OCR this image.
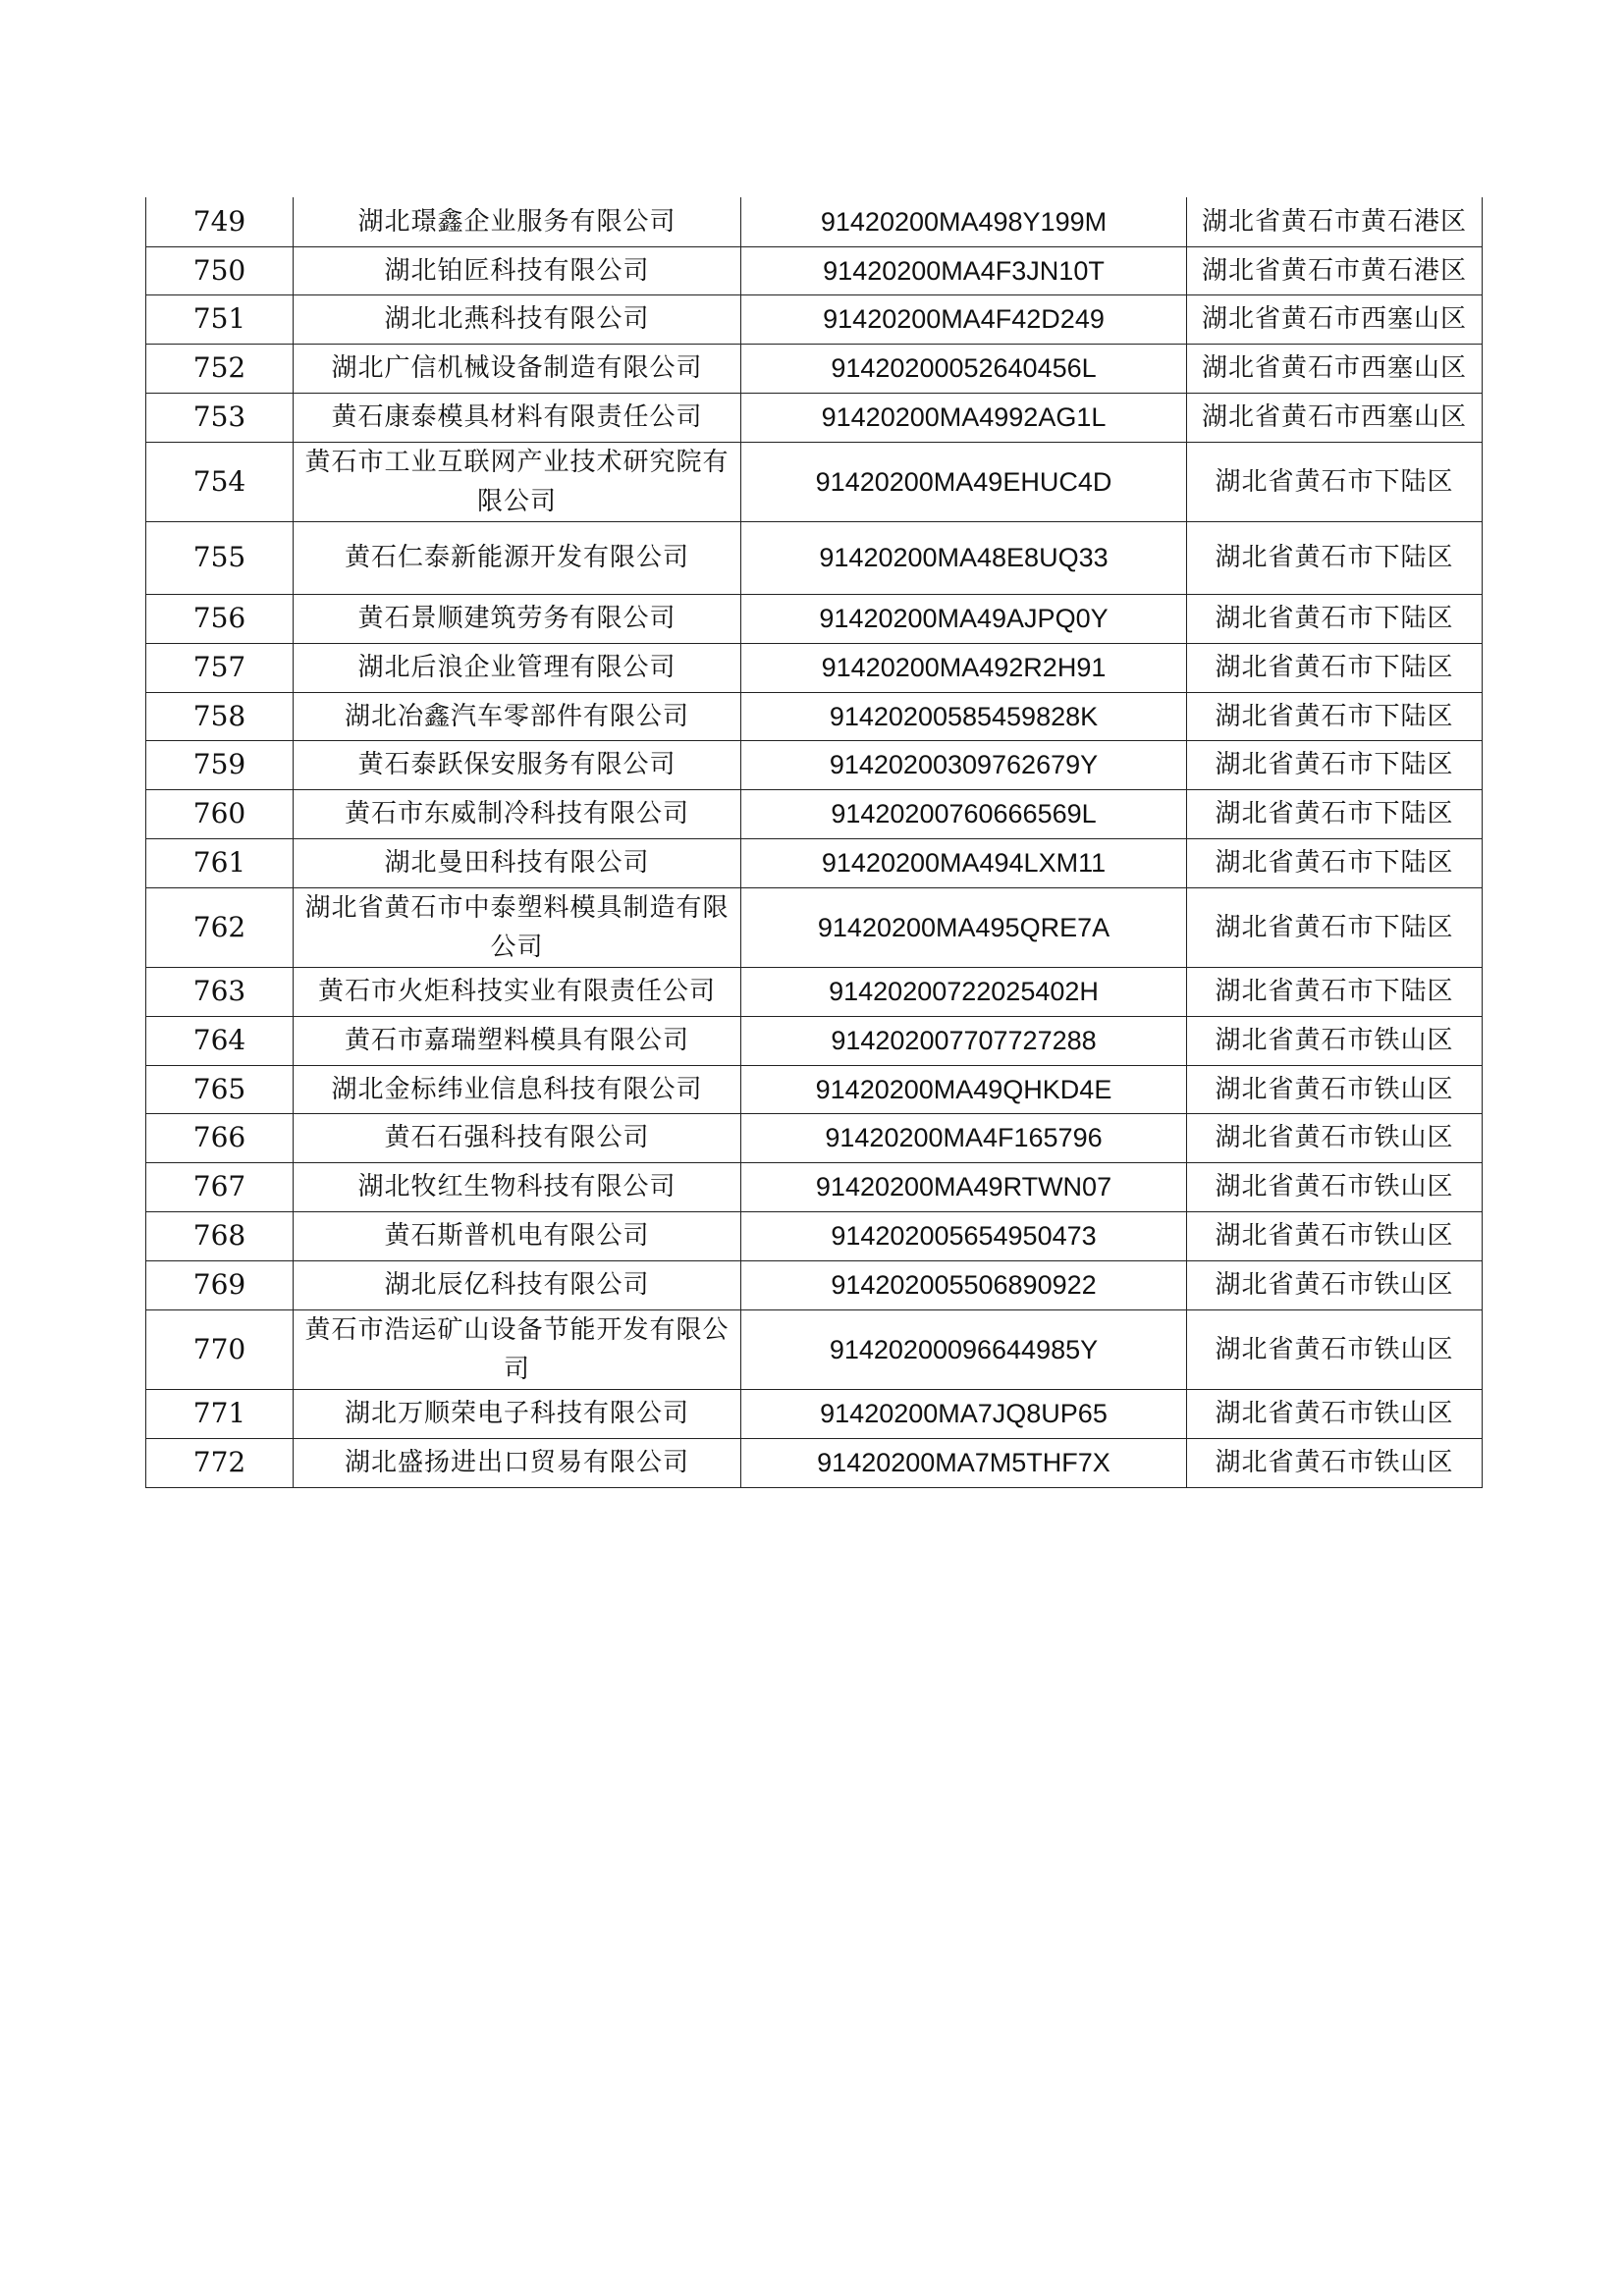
749	湖北璟鑫企业服务有限公司	91420200MA498Y199M	湖北省黄石市黄石港区
750	湖北铂匠科技有限公司	91420200MA4F3JN10T	湖北省黄石市黄石港区
751	湖北北燕科技有限公司	91420200MA4F42D249	湖北省黄石市西塞山区
752	湖北广信机械设备制造有限公司	91420200052640456L	湖北省黄石市西塞山区
753	黄石康泰模具材料有限责任公司	91420200MA4992AG1L	湖北省黄石市西塞山区
754	黄石市工业互联网产业技术研究院有限公司	91420200MA49EHUC4D	湖北省黄石市下陆区
755	黄石仁泰新能源开发有限公司	91420200MA48E8UQ33	湖北省黄石市下陆区
756	黄石景顺建筑劳务有限公司	91420200MA49AJPQ0Y	湖北省黄石市下陆区
757	湖北后浪企业管理有限公司	91420200MA492R2H91	湖北省黄石市下陆区
758	湖北冶鑫汽车零部件有限公司	91420200585459828K	湖北省黄石市下陆区
759	黄石泰跃保安服务有限公司	91420200309762679Y	湖北省黄石市下陆区
760	黄石市东威制冷科技有限公司	91420200760666569L	湖北省黄石市下陆区
761	湖北曼田科技有限公司	91420200MA494LXM11	湖北省黄石市下陆区
762	湖北省黄石市中泰塑料模具制造有限公司	91420200MA495QRE7A	湖北省黄石市下陆区
763	黄石市火炬科技实业有限责任公司	91420200722025402H	湖北省黄石市下陆区
764	黄石市嘉瑞塑料模具有限公司	914202007707727288	湖北省黄石市铁山区
765	湖北金标纬业信息科技有限公司	91420200MA49QHKD4E	湖北省黄石市铁山区
766	黄石石强科技有限公司	91420200MA4F165796	湖北省黄石市铁山区
767	湖北牧红生物科技有限公司	91420200MA49RTWN07	湖北省黄石市铁山区
768	黄石斯普机电有限公司	914202005654950473	湖北省黄石市铁山区
769	湖北辰亿科技有限公司	914202005506890922	湖北省黄石市铁山区
770	黄石市浩运矿山设备节能开发有限公司	91420200096644985Y	湖北省黄石市铁山区
771	湖北万顺荣电子科技有限公司	91420200MA7JQ8UP65	湖北省黄石市铁山区
772	湖北盛扬进出口贸易有限公司	91420200MA7M5THF7X	湖北省黄石市铁山区
